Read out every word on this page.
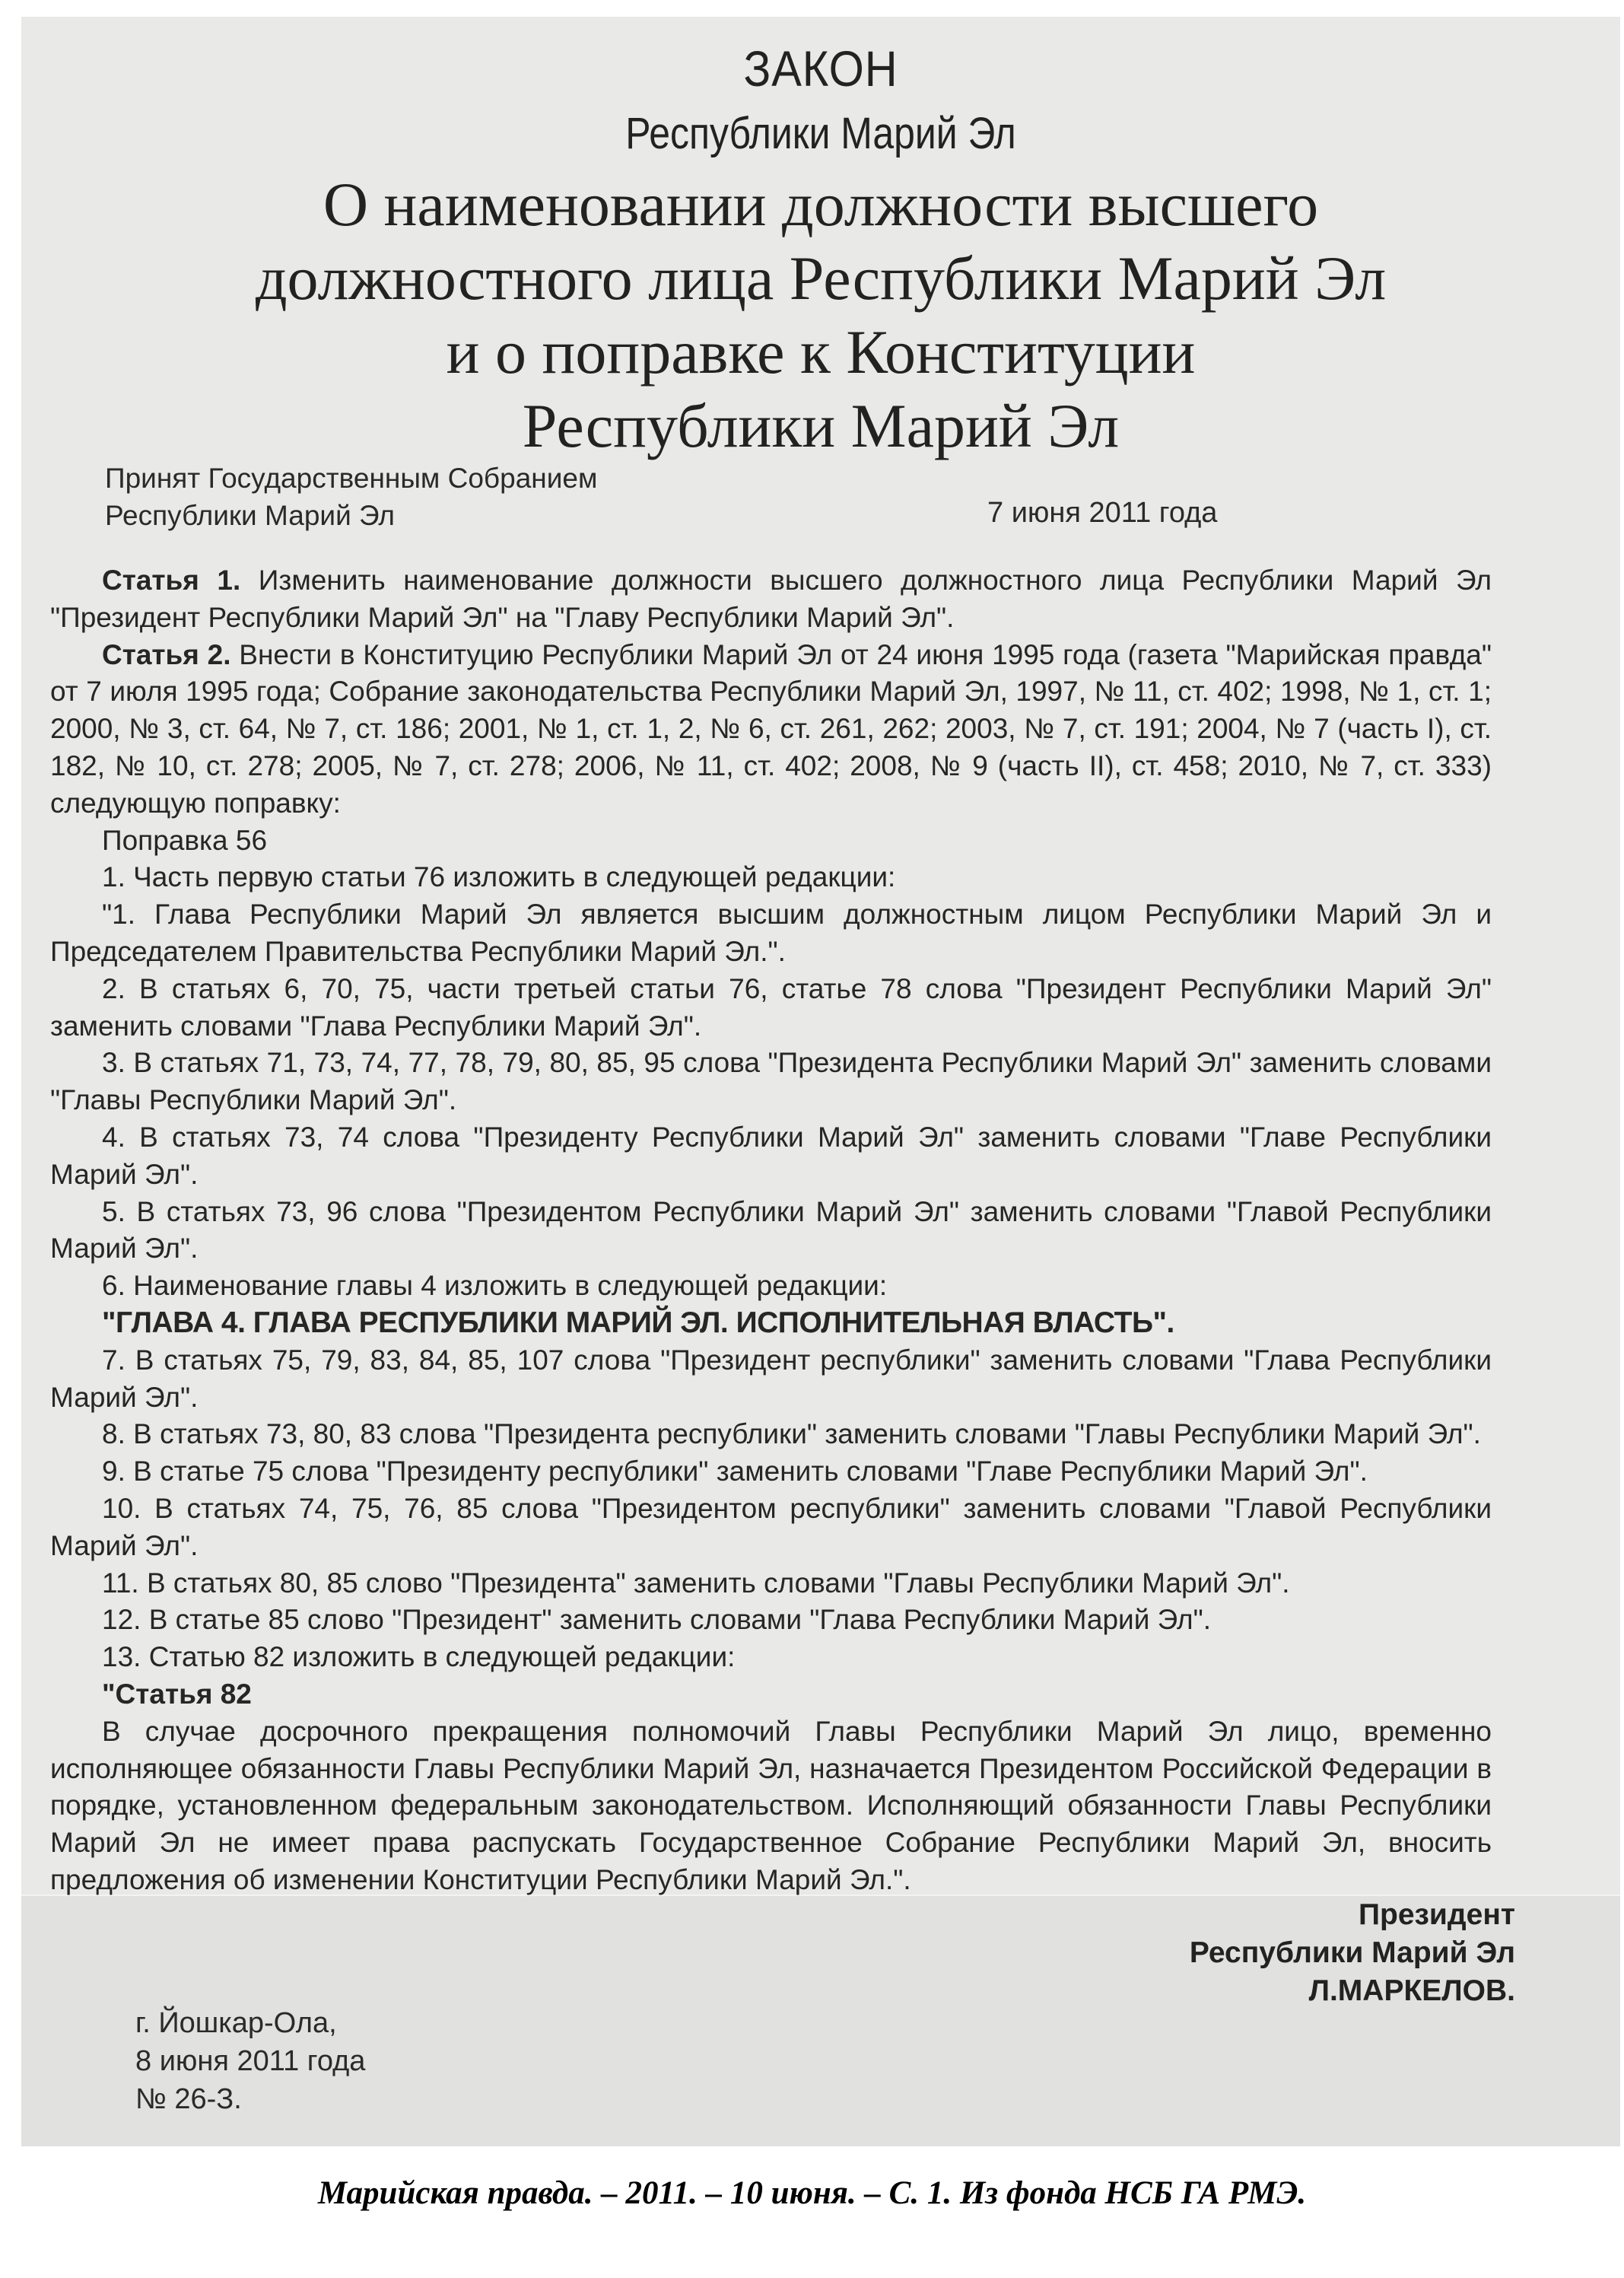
ЗАКОН
Республики Марий Эл
О наименовании должности высшего
должностного лица Республики Марий Эл
и о поправке к Конституции
Республики Марий Эл
Принят Государственным Собранием
Республики Марий Эл	7 июня 2011 года

Статья 1. Изменить наименование должности высшего должностного лица Республики Марий Эл "Президент Республики Марий Эл" на "Главу Республики Марий Эл".

Статья 2. Внести в Конституцию Республики Марий Эл от 24 июня 1995 года (газета "Марийская правда" от 7 июля 1995 года; Собрание законодательства Республики Марий Эл, 1997, № 11, ст. 402; 1998, № 1, ст. 1; 2000, № 3, ст. 64, № 7, ст. 186; 2001, № 1, ст. 1, 2, № 6, ст. 261, 262; 2003, № 7, ст. 191; 2004, № 7 (часть I), ст. 182, № 10, ст. 278; 2005, № 7, ст. 278; 2006, № 11, ст. 402; 2008, № 9 (часть II), ст. 458; 2010, № 7, ст. 333) следующую поправку:

Поправка 56

1. Часть первую статьи 76 изложить в следующей редакции:

"1. Глава Республики Марий Эл является высшим должностным лицом Республики Марий Эл и Председателем Правительства Республики Марий Эл.".

2. В статьях 6, 70, 75, части третьей статьи 76, статье 78 слова "Президент Республики Марий Эл" заменить словами "Глава Республики Марий Эл".

3. В статьях 71, 73, 74, 77, 78, 79, 80, 85, 95 слова "Президента Республики Марий Эл" заменить словами "Главы Республики Марий Эл".

4. В статьях 73, 74 слова "Президенту Республики Марий Эл" заменить словами "Главе Республики Марий Эл".

5. В статьях 73, 96 слова "Президентом Республики Марий Эл" заменить словами "Главой Республики Марий Эл".

6. Наименование главы 4 изложить в следующей редакции:

"ГЛАВА 4. ГЛАВА РЕСПУБЛИКИ МАРИЙ ЭЛ. ИСПОЛНИТЕЛЬНАЯ ВЛАСТЬ".

7. В статьях 75, 79, 83, 84, 85, 107 слова "Президент республики" заменить словами "Глава Республики Марий Эл".

8. В статьях 73, 80, 83 слова "Президента республики" заменить словами "Главы Республики Марий Эл".

9. В статье 75 слова "Президенту республики" заменить словами "Главе Республики Марий Эл".

10. В статьях 74, 75, 76, 85 слова "Президентом республики" заменить словами "Главой Республики Марий Эл".

11. В статьях 80, 85 слово "Президента" заменить словами "Главы Республики Марий Эл".

12. В статье 85 слово "Президент" заменить словами "Глава Республики Марий Эл".

13. Статью 82 изложить в следующей редакции:

"Статья 82

В случае досрочного прекращения полномочий Главы Республики Марий Эл лицо, временно исполняющее обязанности Главы Республики Марий Эл, назначается Президентом Российской Федерации в порядке, установленном федеральным законодательством. Исполняющий обязанности Главы Республики Марий Эл не имеет права распускать Государственное Собрание Республики Марий Эл, вносить предложения об изменении Конституции Республики Марий Эл.".

Президент
Республики Марий Эл
Л.МАРКЕЛОВ.
г. Йошкар-Ола,
8 июня 2011 года
№ 26-З.
Марийская правда. – 2011. – 10 июня. – С. 1. Из фонда НСБ ГА РМЭ.
